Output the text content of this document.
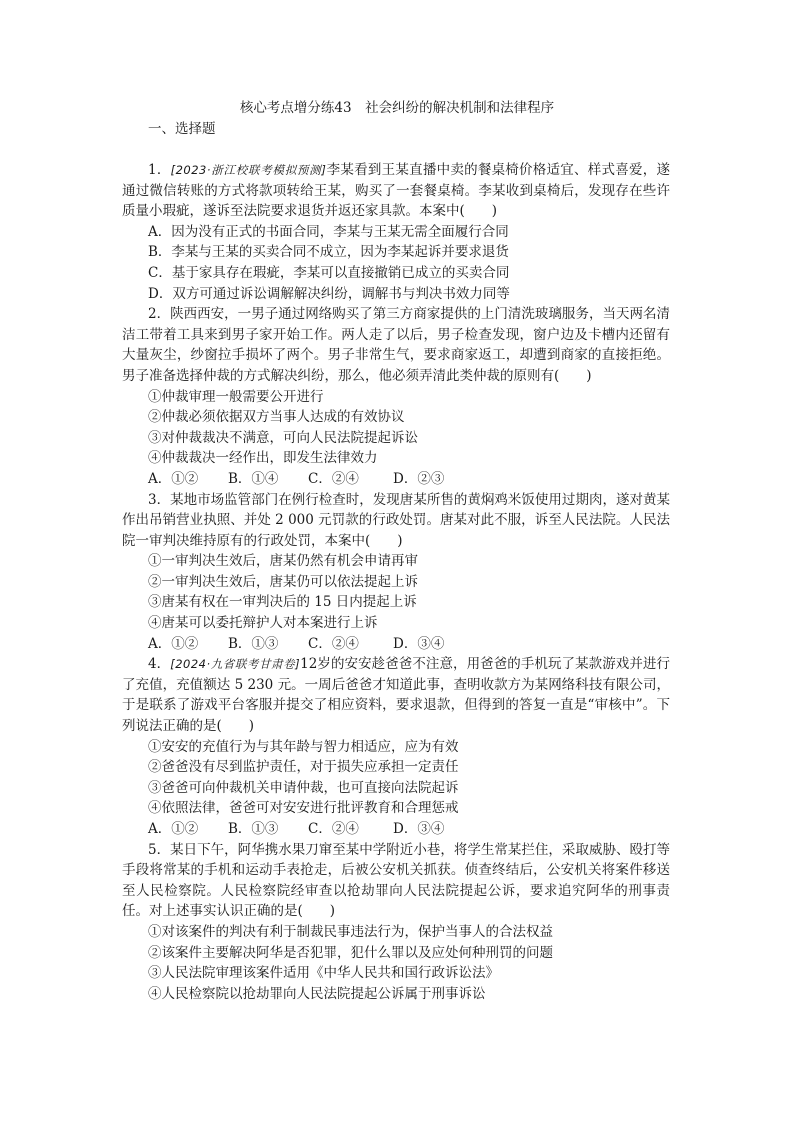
核心考点增分练43　社会纠纷的解决机制和法律程序
一、选择题

1．[2023·浙江校联考模拟预测]李某看到王某直播中卖的餐桌椅价格适宜、样式喜爱，遂通过微信转账的方式将款项转给王某，购买了一套餐桌椅。李某收到桌椅后，发现存在些许质量小瑕疵，遂诉至法院要求退货并返还家具款。本案中(　　)

A．因为没有正式的书面合同，李某与王某无需全面履行合同

B．李某与王某的买卖合同不成立，因为李某起诉并要求退货

C．基于家具存在瑕疵，李某可以直接撤销已成立的买卖合同

D．双方可通过诉讼调解解决纠纷，调解书与判决书效力同等

2．陕西西安，一男子通过网络购买了第三方商家提供的上门清洗玻璃服务，当天两名清洁工带着工具来到男子家开始工作。两人走了以后，男子检查发现，窗户边及卡槽内还留有大量灰尘，纱窗拉手损坏了两个。男子非常生气，要求商家返工，却遭到商家的直接拒绝。男子准备选择仲裁的方式解决纠纷，那么，他必须弄清此类仲裁的原则有(　　)

①仲裁审理一般需要公开进行

②仲裁必须依据双方当事人达成的有效协议

③对仲裁裁决不满意，可向人民法院提起诉讼

④仲裁裁决一经作出，即发生法律效力

A．①②	B．①④	C．②④	D．②③

3．某地市场监管部门在例行检查时，发现唐某所售的黄焖鸡米饭使用过期肉，遂对黄某作出吊销营业执照、并处 2 000 元罚款的行政处罚。唐某对此不服，诉至人民法院。人民法院一审判决维持原有的行政处罚，本案中(　　)

①一审判决生效后，唐某仍然有机会申请再审

②一审判决生效后，唐某仍可以依法提起上诉

③唐某有权在一审判决后的 15 日内提起上诉

④唐某可以委托辩护人对本案进行上诉

A．①②	B．①③	C．②④	D．③④

4．[2024·九省联考甘肃卷]12岁的安安趁爸爸不注意，用爸爸的手机玩了某款游戏并进行了充值，充值额达 5 230 元。一周后爸爸才知道此事，查明收款方为某网络科技有限公司，于是联系了游戏平台客服并提交了相应资料，要求退款，但得到的答复一直是“审核中”。下列说法正确的是(　　)

①安安的充值行为与其年龄与智力相适应，应为有效

②爸爸没有尽到监护责任，对于损失应承担一定责任

③爸爸可向仲裁机关申请仲裁，也可直接向法院起诉

④依照法律，爸爸可对安安进行批评教育和合理惩戒

A．①②	B．①③	C．②④	D．③④

5．某日下午，阿华携水果刀窜至某中学附近小巷，将学生常某拦住，采取威胁、殴打等手段将常某的手机和运动手表抢走，后被公安机关抓获。侦查终结后，公安机关将案件移送至人民检察院。人民检察院经审查以抢劫罪向人民法院提起公诉，要求追究阿华的刑事责任。对上述事实认识正确的是(　　)

①对该案件的判决有利于制裁民事违法行为，保护当事人的合法权益

②该案件主要解决阿华是否犯罪，犯什么罪以及应处何种刑罚的问题

③人民法院审理该案件适用《中华人民共和国行政诉讼法》

④人民检察院以抢劫罪向人民法院提起公诉属于刑事诉讼
